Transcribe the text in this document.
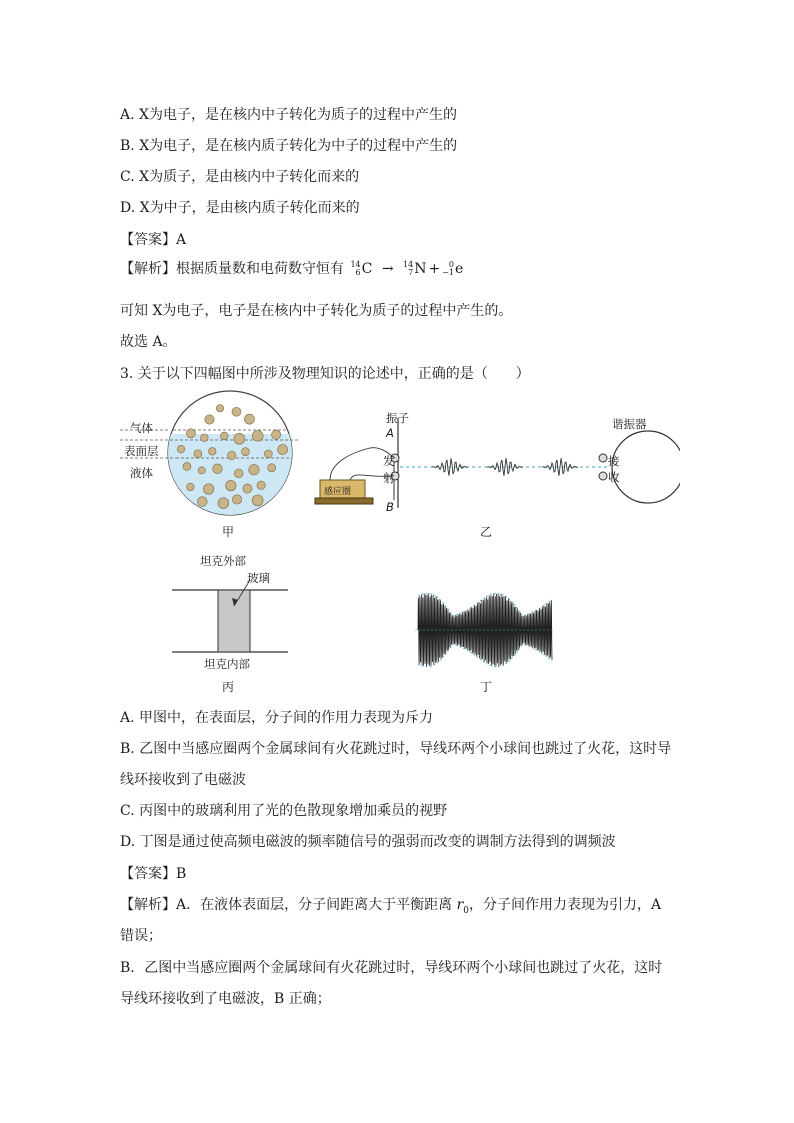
A. X为电子，是在核内中子转化为质子的过程中产生的
B. X为电子，是在核内质子转化为中子的过程中产生的
C. X为质子，是由核内中子转化而来的
D. X为中子，是由核内质子转化而来的
【答案】A
【解析】根据质量数和电荷数守恒有 14
6 C → 14
7 N +	0
−1 e
可知 X为电子，电子是在核内中子转化为质子的过程中产生的。
故选 A。
3. 关于以下四幅图中所涉及物理知识的论述中，正确的是（　　）
气体
表面层
液体
甲
振子
A
发
射
B
感应圈
谐振器
接
收
乙
坦克外部
玻璃
坦克内部
丙	丁
A. 甲图中，在表面层，分子间的作用力表现为斥力
B. 乙图中当感应圈两个金属球间有火花跳过时，导线环两个小球间也跳过了火花，这时导
线环接收到了电磁波
C. 丙图中的玻璃利用了光的色散现象增加乘员的视野
D. 丁图是通过使高频电磁波的频率随信号的强弱而改变的调制方法得到的调频波
【答案】B
【解析】A．在液体表面层，分子间距离大于平衡距离 $r_0$，分子间作用力表现为引力，A
错误；
B．乙图中当感应圈两个金属球间有火花跳过时，导线环两个小球间也跳过了火花，这时
导线环接收到了电磁波，B 正确；
